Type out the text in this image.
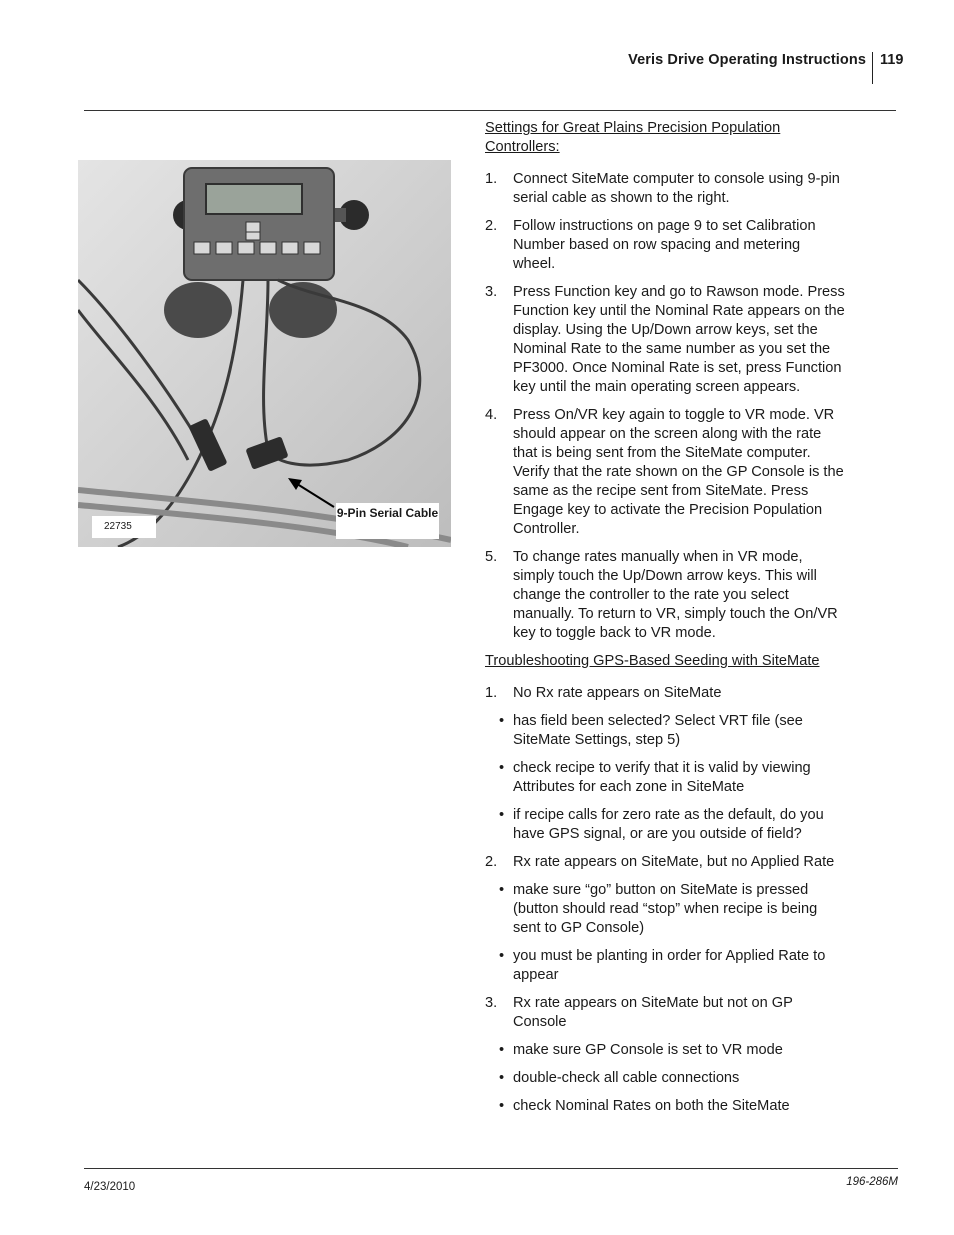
Veris Drive Operating Instructions 119
22735
9-Pin Serial Cable

Settings for Great Plains Precision Population Controllers:

1. Connect SiteMate computer to console using 9-pin serial cable as shown to the right.
2. Follow instructions on page 9 to set Calibration Number based on row spacing and metering wheel.
3. Press Function key and go to Rawson mode. Press Function key until the Nominal Rate appears on the display. Using the Up/Down arrow keys, set the Nominal Rate to the same number as you set the PF3000. Once Nominal Rate is set, press Function key until the main operating screen appears.
4. Press On/VR key again to toggle to VR mode. VR should appear on the screen along with the rate that is being sent from the SiteMate computer. Verify that the rate shown on the GP Console is the same as the recipe sent from SiteMate. Press Engage key to activate the Precision Population Controller.
5. To change rates manually when in VR mode, simply touch the Up/Down arrow keys. This will change the controller to the rate you select manually. To return to VR, simply touch the On/VR key to toggle back to VR mode.

Troubleshooting GPS-Based Seeding with SiteMate

1. No Rx rate appears on SiteMate
• has field been selected? Select VRT file (see SiteMate Settings, step 5)
• check recipe to verify that it is valid by viewing Attributes for each zone in SiteMate
• if recipe calls for zero rate as the default, do you have GPS signal, or are you outside of field?
2. Rx rate appears on SiteMate, but no Applied Rate
• make sure “go” button on SiteMate is pressed (button should read “stop” when recipe is being sent to GP Console)
• you must be planting in order for Applied Rate to appear
3. Rx rate appears on SiteMate but not on GP Console
• make sure GP Console is set to VR mode
• double-check all cable connections
• check Nominal Rates on both the SiteMate
4/23/2010	196-286M
